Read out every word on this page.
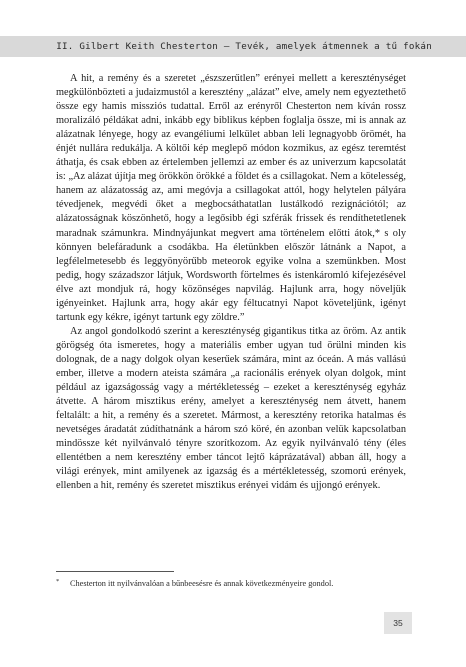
II. Gilbert Keith Chesterton – Tevék, amelyek átmennek a tű fokán

A hit, a remény és a szeretet „észszerűtlen” erényei mellett a kereszténységet megkülönbözteti a judaizmustól a keresztény „alázat” elve, amely nem egyeztethető össze egy hamis missziós tudattal. Erről az erényről Chesterton nem kíván rossz moralizáló példákat adni, inkább egy biblikus képben foglalja össze, mi is annak az alázatnak lényege, hogy az evangéliumi lelkület abban leli legnagyobb örömét, ha énjét nullára redukálja. A költői kép meglepő módon kozmikus, az egész teremtést áthatja, és csak ebben az értelemben jellemzi az ember és az univerzum kapcsolatát is: „Az alázat újítja meg örökkön örökké a földet és a csillagokat. Nem a kötelesség, hanem az alázatosság az, ami megóvja a csillagokat attól, hogy helytelen pályára tévedjenek, megvédi őket a megbocsáthatatlan lustálkodó rezignációtól; az alázatosságnak köszönhető, hogy a legősibb égi szférák frissek és rendíthetetlenek maradnak számunkra. Mindnyájunkat megvert ama történelem előtti átok,* s oly könnyen belefáradunk a csodákba. Ha életünkben először látnánk a Napot, a legfélelmetesebb és leggyönyörűbb meteorok egyike volna a szemünkben. Most pedig, hogy századszor látjuk, Wordsworth förtelmes és istenkáromló kifejezésével élve azt mondjuk rá, hogy közönséges napvilág. Hajlunk arra, hogy növeljük igényeinket. Hajlunk arra, hogy akár egy féltucatnyi Napot követeljünk, igényt tartunk egy kékre, igényt tartunk egy zöldre.”

Az angol gondolkodó szerint a kereszténység gigantikus titka az öröm. Az antik görögség óta ismeretes, hogy a materiális ember ugyan tud örülni minden kis dolognak, de a nagy dolgok olyan keserűek számára, mint az óceán. A más vallású ember, illetve a modern ateista számára „a racionális erények olyan dolgok, mint például az igazságosság vagy a mértékletesség – ezeket a kereszténység egyház átvette. A három misztikus erény, amelyet a kereszténység nem átvett, hanem feltalált: a hit, a remény és a szeretet. Mármost, a keresztény retorika hatalmas és nevetséges áradatát zúdíthatnánk a három szó köré, én azonban velük kapcsolatban mindössze két nyilvánvaló tényre szorítkozom. Az egyik nyilvánvaló tény (éles ellentétben a nem keresztény ember táncot lejtő káprázatával) abban áll, hogy a világi erények, mint amilyenek az igazság és a mértékletesség, szomorú erények, ellenben a hit, remény és szeretet misztikus erényei vidám és ujjongó erények.

* Chesterton itt nyilvánvalóan a bűnbeesésre és annak következményeire gondol.
35
